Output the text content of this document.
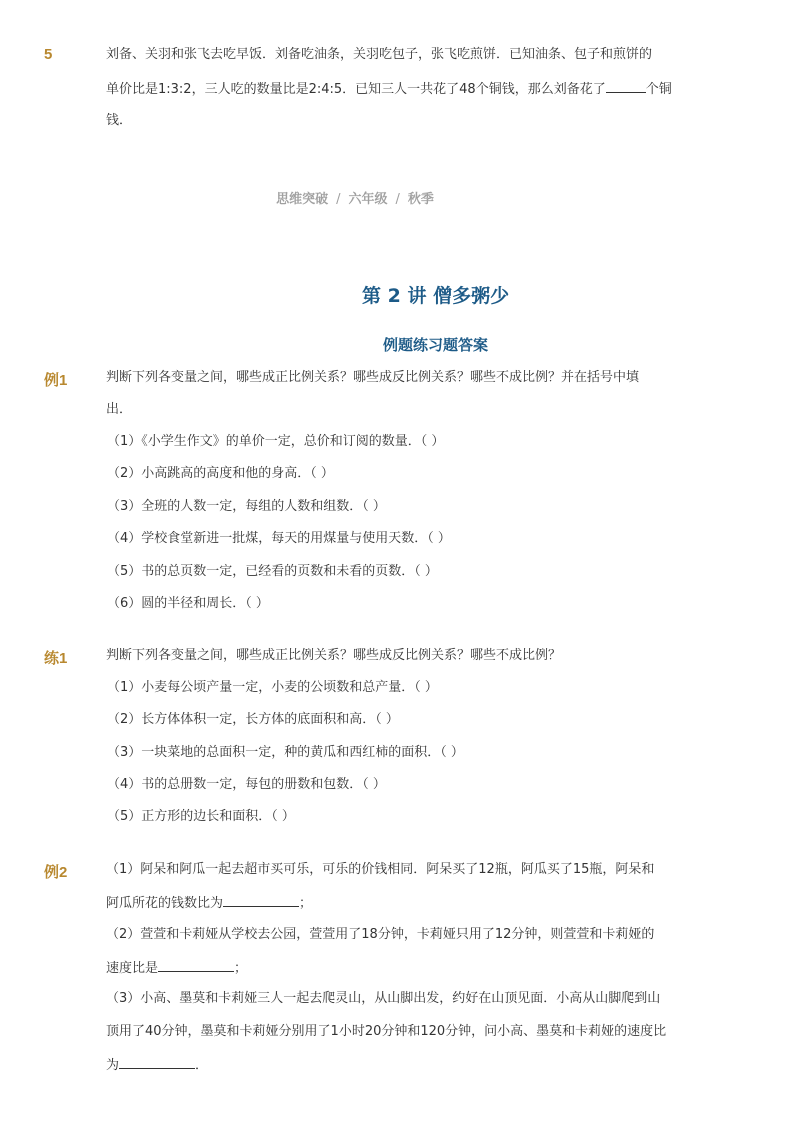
5	刘备、关羽和张飞去吃早饭．刘备吃油条，关羽吃包子，张飞吃煎饼．已知油条、包子和煎饼的
单价比是1:3:2，三人吃的数量比是2:4:5．已知三人一共花了48个铜钱，那么刘备花了	个铜
钱．
思维突破 / 六年级 / 秋季
第 2 讲 僧多粥少
例题练习题答案
例1	判断下列各变量之间，哪些成正比例关系？哪些成反比例关系？哪些不成比例？并在括号中填
出．
（1）《小学生作文》的单价一定，总价和订阅的数量．（ ）
（2）小高跳高的高度和他的身高．（ ）
（3）全班的人数一定，每组的人数和组数．（ ）
（4）学校食堂新进一批煤，每天的用煤量与使用天数．（ ）
（5）书的总页数一定，已经看的页数和未看的页数．（ ）
（6）圆的半径和周长．（ ）
练1	判断下列各变量之间，哪些成正比例关系？哪些成反比例关系？哪些不成比例？
（1）小麦每公顷产量一定，小麦的公顷数和总产量．（ ）
（2）长方体体积一定，长方体的底面积和高．（ ）
（3）一块菜地的总面积一定，种的黄瓜和西红柿的面积．（ ）
（4）书的总册数一定，每包的册数和包数．（ ）
（5）正方形的边长和面积．（ ）
例2	（1）阿呆和阿瓜一起去超市买可乐，可乐的价钱相同．阿呆买了12瓶，阿瓜买了15瓶，阿呆和
阿瓜所花的钱数比为	；
（2）萱萱和卡莉娅从学校去公园，萱萱用了18分钟，卡莉娅只用了12分钟，则萱萱和卡莉娅的
速度比是	；
（3）小高、墨莫和卡莉娅三人一起去爬灵山，从山脚出发，约好在山顶见面．小高从山脚爬到山
顶用了40分钟，墨莫和卡莉娅分别用了1小时20分钟和120分钟，问小高、墨莫和卡莉娅的速度比
为	．
